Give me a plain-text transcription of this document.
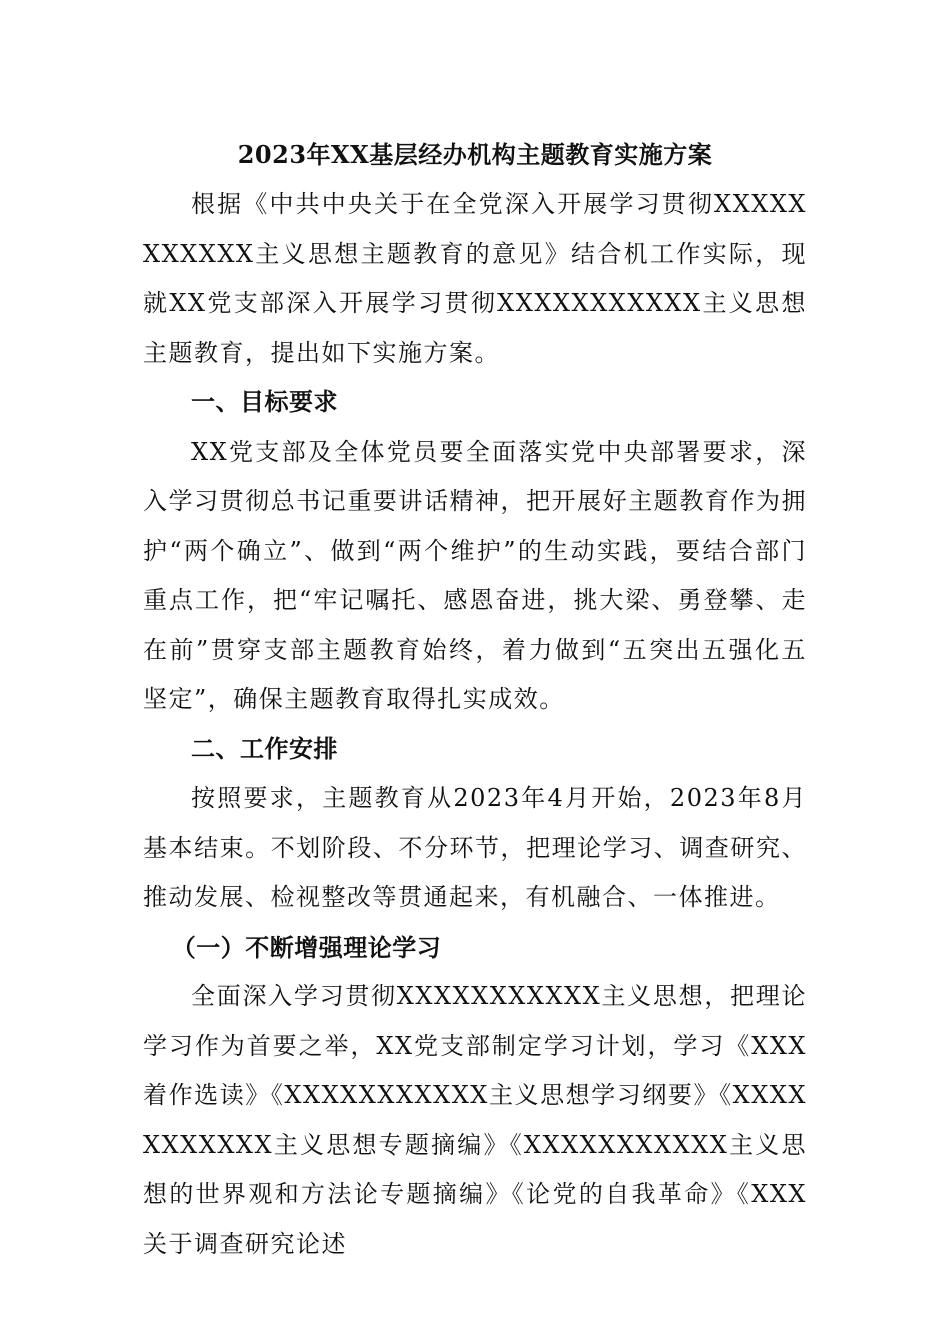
2023年XX基层经办机构主题教育实施方案

根据《中共中央关于在全党深入开展学习贯彻XXXXXXXXXXX主义思想主题教育的意见》结合机工作实际，现就XX党支部深入开展学习贯彻XXXXXXXXXXX主义思想主题教育，提出如下实施方案。

一、目标要求

XX党支部及全体党员要全面落实党中央部署要求，深入学习贯彻总书记重要讲话精神，把开展好主题教育作为拥护“两个确立”、做到“两个维护”的生动实践，要结合部门重点工作，把“牢记嘱托、感恩奋进，挑大梁、勇登攀、走在前”贯穿支部主题教育始终，着力做到“五突出五强化五坚定”，确保主题教育取得扎实成效。

二、工作安排

按照要求，主题教育从2023年4月开始，2023年8月基本结束。不划阶段、不分环节，把理论学习、调查研究、推动发展、检视整改等贯通起来，有机融合、一体推进。

（一）不断增强理论学习

全面深入学习贯彻XXXXXXXXXXX主义思想，把理论学习作为首要之举，XX党支部制定学习计划，学习《XXX着作选读》《XXXXXXXXXXX主义思想学习纲要》《XXXXXXXXXXX主义思想专题摘编》《XXXXXXXXXXX主义思想的世界观和方法论专题摘编》《论党的自我革命》《XXX关于调查研究论述
